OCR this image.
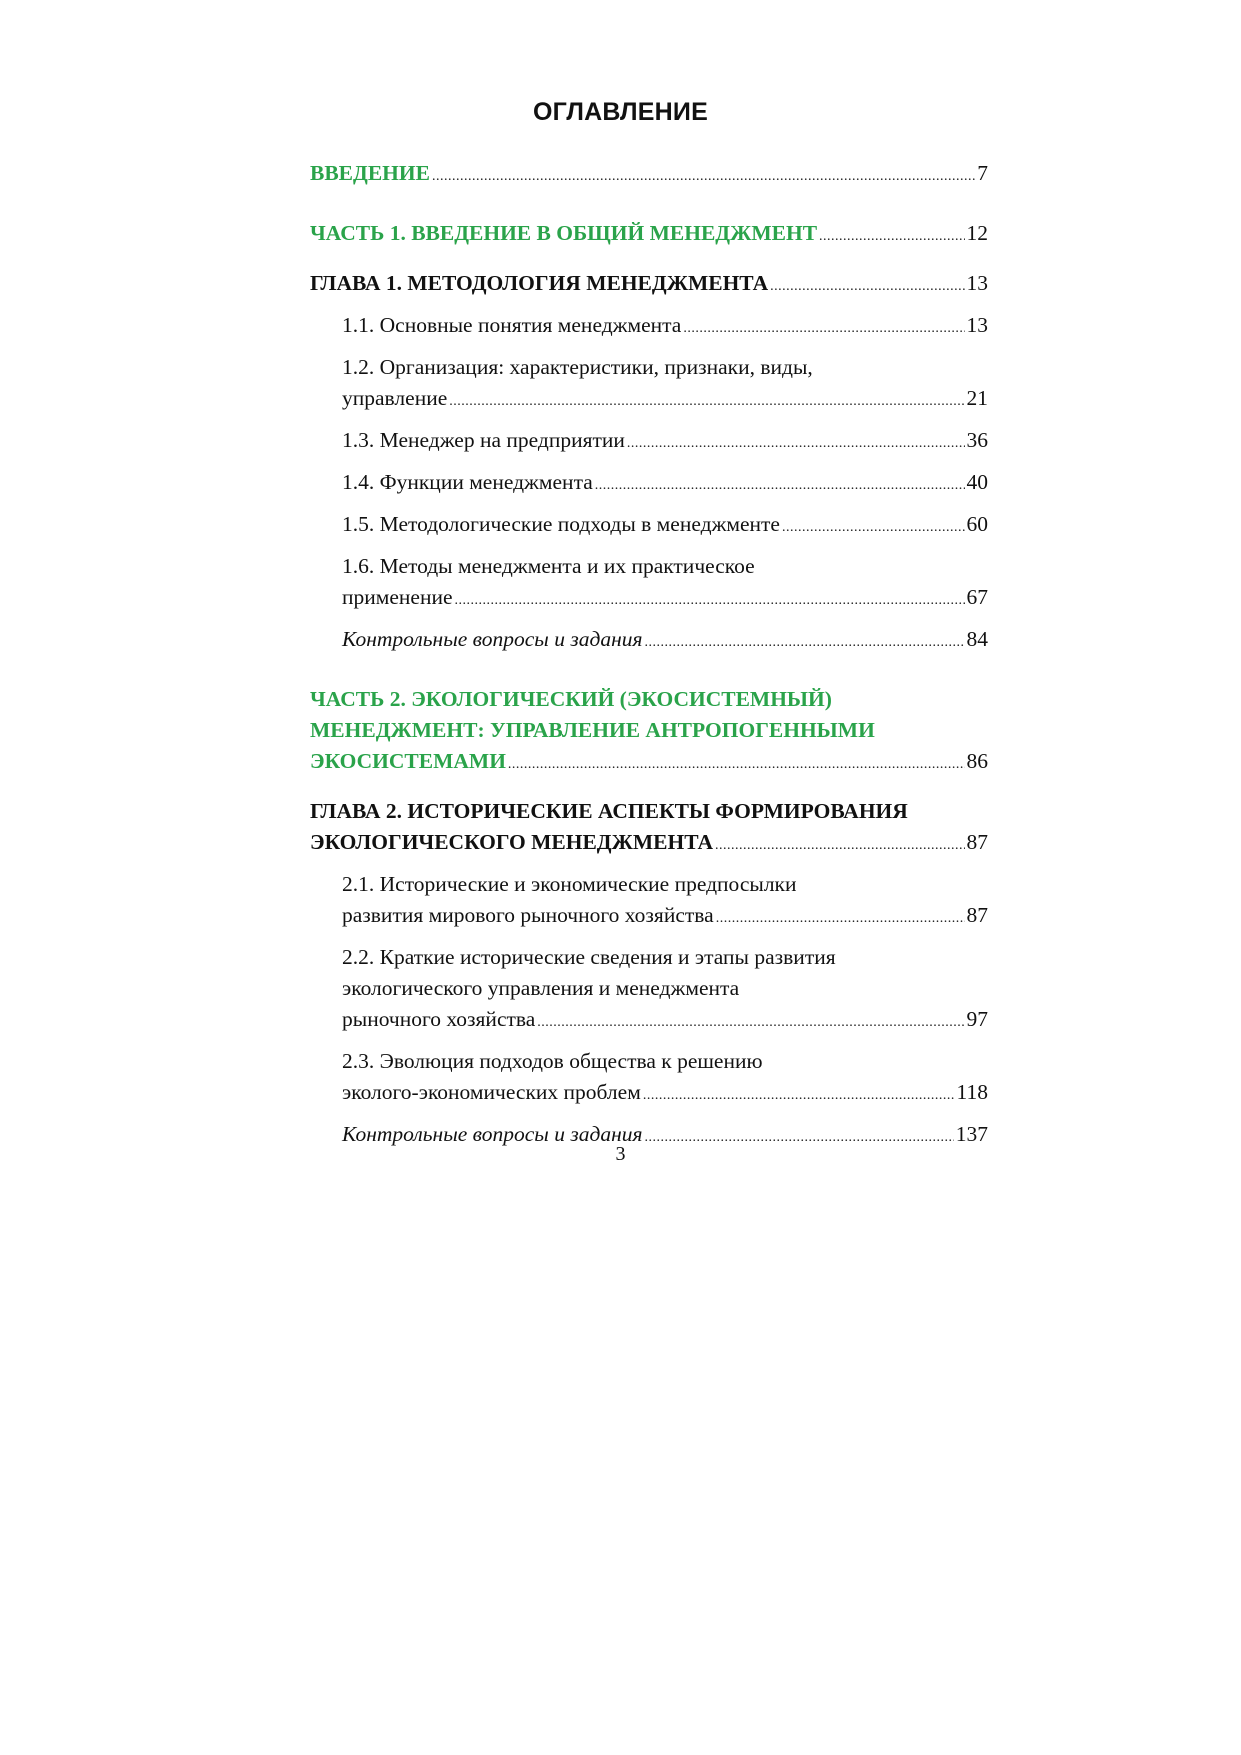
ОГЛАВЛЕНИЕ
ВВЕДЕНИЕ .....	7
ЧАСТЬ 1. ВВЕДЕНИЕ В ОБЩИЙ МЕНЕДЖМЕНТ .....	12
ГЛАВА 1. МЕТОДОЛОГИЯ МЕНЕДЖМЕНТА .....	13
1.1. Основные понятия менеджмента .....	13
1.2. Организация: характеристики, признаки, виды,
управление .....	21
1.3. Менеджер на предприятии .....	36
1.4. Функции менеджмента .....	40
1.5. Методологические подходы в менеджменте .....	60
1.6. Методы менеджмента и их практическое
применение .....	67
Контрольные вопросы и задания .....	84
ЧАСТЬ 2. ЭКОЛОГИЧЕСКИЙ (ЭКОСИСТЕМНЫЙ)
МЕНЕДЖМЕНТ: УПРАВЛЕНИЕ АНТРОПОГЕННЫМИ
ЭКОСИСТЕМАМИ .....	86
ГЛАВА 2. ИСТОРИЧЕСКИЕ АСПЕКТЫ ФОРМИРОВАНИЯ
ЭКОЛОГИЧЕСКОГО МЕНЕДЖМЕНТА .....	87
2.1. Исторические и экономические предпосылки
развития мирового рыночного хозяйства .....	87
2.2. Краткие исторические сведения и этапы развития
экологического управления и менеджмента
рыночного хозяйства .....	97
2.3. Эволюция подходов общества к решению
эколого-экономических проблем .....	118
Контрольные вопросы и задания .....	137
3
